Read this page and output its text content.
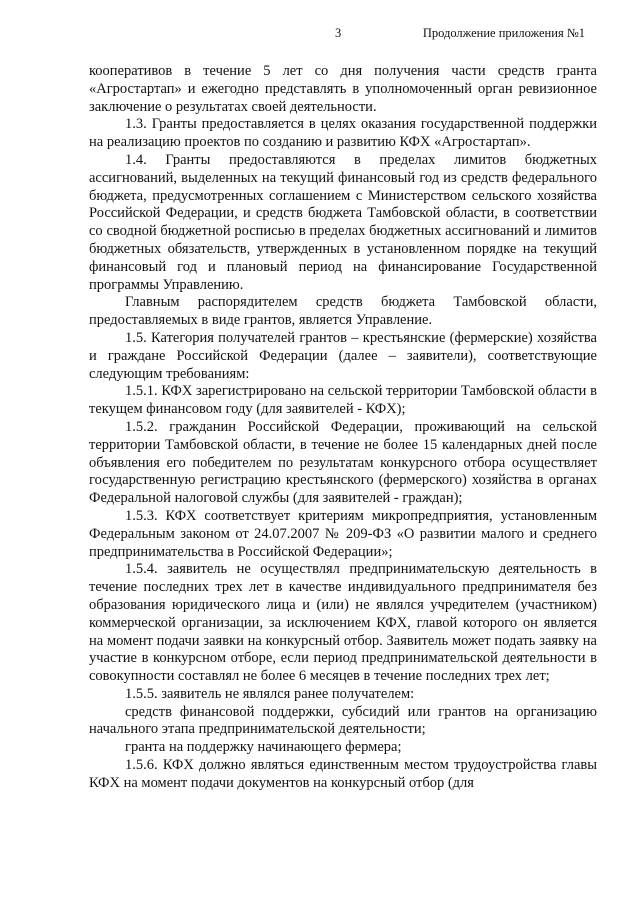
3	Продолжение приложения №1

кооперативов в течение 5 лет со дня получения части средств гранта «Агростартап» и ежегодно представлять в уполномоченный орган ревизионное заключение о результатах своей деятельности.

1.3. Гранты предоставляется в целях оказания государственной поддержки на реализацию проектов по созданию и развитию КФХ «Агростартап».

1.4. Гранты предоставляются в пределах лимитов бюджетных ассигнований, выделенных на текущий финансовый год из средств федерального бюджета, предусмотренных соглашением с Министерством сельского хозяйства Российской Федерации, и средств бюджета Тамбовской области, в соответствии со сводной бюджетной росписью в пределах бюджетных ассигнований и лимитов бюджетных обязательств, утвержденных в установленном порядке на текущий финансовый год и плановый период на финансирование Государственной программы Управлению.

Главным распорядителем средств бюджета Тамбовской области, предоставляемых в виде грантов, является Управление.

1.5. Категория получателей грантов – крестьянские (фермерские) хозяйства и граждане Российской Федерации (далее – заявители), соответствующие следующим требованиям:

1.5.1. КФХ зарегистрировано на сельской территории Тамбовской области в текущем финансовом году (для заявителей - КФХ);

1.5.2. гражданин Российской Федерации, проживающий на сельской территории Тамбовской области, в течение не более 15 календарных дней после объявления его победителем по результатам конкурсного отбора осуществляет государственную регистрацию крестьянского (фермерского) хозяйства в органах Федеральной налоговой службы (для заявителей - граждан);

1.5.3. КФХ соответствует критериям микропредприятия, установленным Федеральным законом от 24.07.2007 № 209-ФЗ «О развитии малого и среднего предпринимательства в Российской Федерации»;

1.5.4. заявитель не осуществлял предпринимательскую деятельность в течение последних трех лет в качестве индивидуального предпринимателя без образования юридического лица и (или) не являлся учредителем (участником) коммерческой организации, за исключением КФХ, главой которого он является на момент подачи заявки на конкурсный отбор. Заявитель может подать заявку на участие в конкурсном отборе, если период предпринимательской деятельности в совокупности составлял не более 6 месяцев в течение последних трех лет;

1.5.5. заявитель не являлся ранее получателем:

средств финансовой поддержки, субсидий или грантов на организацию начального этапа предпринимательской деятельности;

гранта на поддержку начинающего фермера;

1.5.6. КФХ должно являться единственным местом трудоустройства главы КФХ на момент подачи документов на конкурсный отбор (для
